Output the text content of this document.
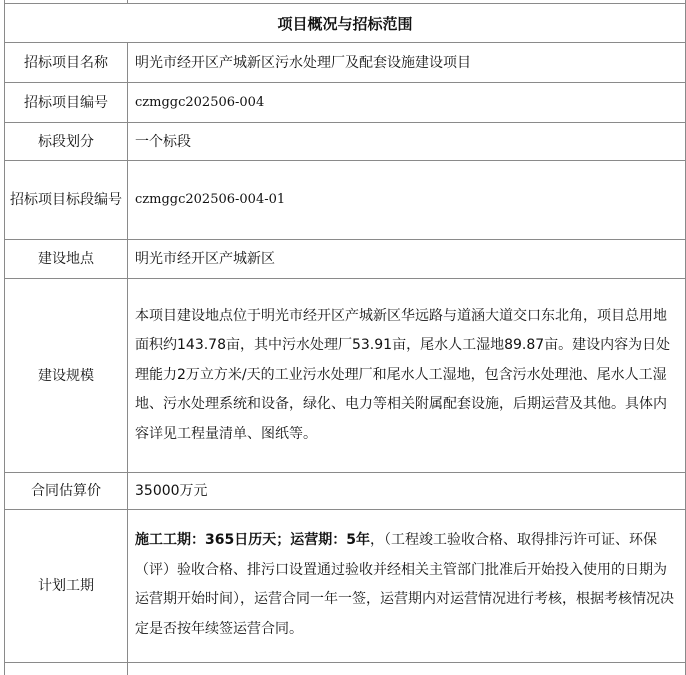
项目概况与招标范围	
招标项目名称	明光市经开区产城新区污水处理厂及配套设施建设项目
招标项目编号	czmggc202506-004
标段划分	一个标段
招标项目标段编号	czmggc202506-004-01
建设地点	明光市经开区产城新区
建设规模	本项目建设地点位于明光市经开区产城新区华远路与道涵大道交口东北角，项目总用地面积约143.78亩，其中污水处理厂53.91亩，尾水人工湿地89.87亩。建设内容为日处理能力2万立方米/天的工业污水处理厂和尾水人工湿地，包含污水处理池、尾水人工湿地、污水处理系统和设备，绿化、电力等相关附属配套设施，后期运营及其他。具体内容详见工程量清单、图纸等。
合同估算价	35000万元
计划工期	施工工期：365日历天；运营期：5年，（工程竣工验收合格、取得排污许可证、环保（评）验收合格、排污口设置通过验收并经相关主管部门批准后开始投入使用的日期为运营期开始时间），运营合同一年一签，运营期内对运营情况进行考核，根据考核情况决定是否按年续签运营合同。
